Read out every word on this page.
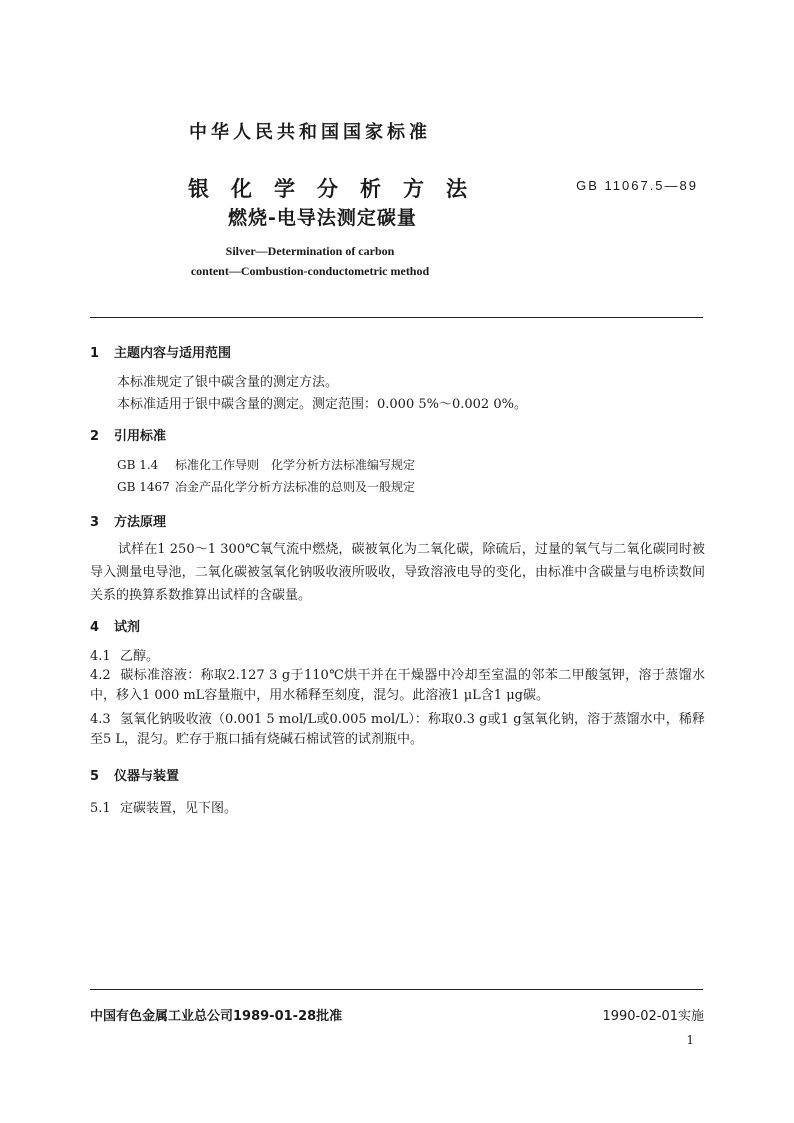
中华人民共和国国家标准
银化学分析方法
燃烧-电导法测定碳量
GB 11067.5—89
Silver—Determination of carbon
content—Combustion-conductometric method
1 主题内容与适用范围
本标准规定了银中碳含量的测定方法。
本标准适用于银中碳含量的测定。测定范围：0.000 5%～0.002 0%。
2 引用标准
GB 1.4 标准化工作导则　化学分析方法标准编写规定
GB 1467 冶金产品化学分析方法标准的总则及一般规定
3 方法原理
试样在1 250～1 300℃氧气流中燃烧，碳被氧化为二氧化碳，除硫后，过量的氧气与二氧化碳同时被导入测量电导池，二氧化碳被氢氧化钠吸收液所吸收，导致溶液电导的变化，由标准中含碳量与电桥读数间关系的换算系数推算出试样的含碳量。
4 试剂
4.1 乙醇。
4.2 碳标准溶液：称取2.127 3 g于110℃烘干并在干燥器中冷却至室温的邻苯二甲酸氢钾，溶于蒸馏水中，移入1 000 mL容量瓶中，用水稀释至刻度，混匀。此溶液1 μL含1 μg碳。
4.3 氢氧化钠吸收液（0.001 5 mol/L或0.005 mol/L）：称取0.3 g或1 g氢氧化钠，溶于蒸馏水中，稀释至5 L，混匀。贮存于瓶口插有烧碱石棉试管的试剂瓶中。
5 仪器与装置
5.1 定碳装置，见下图。
中国有色金属工业总公司1989-01-28批准	1990-02-01实施
1
